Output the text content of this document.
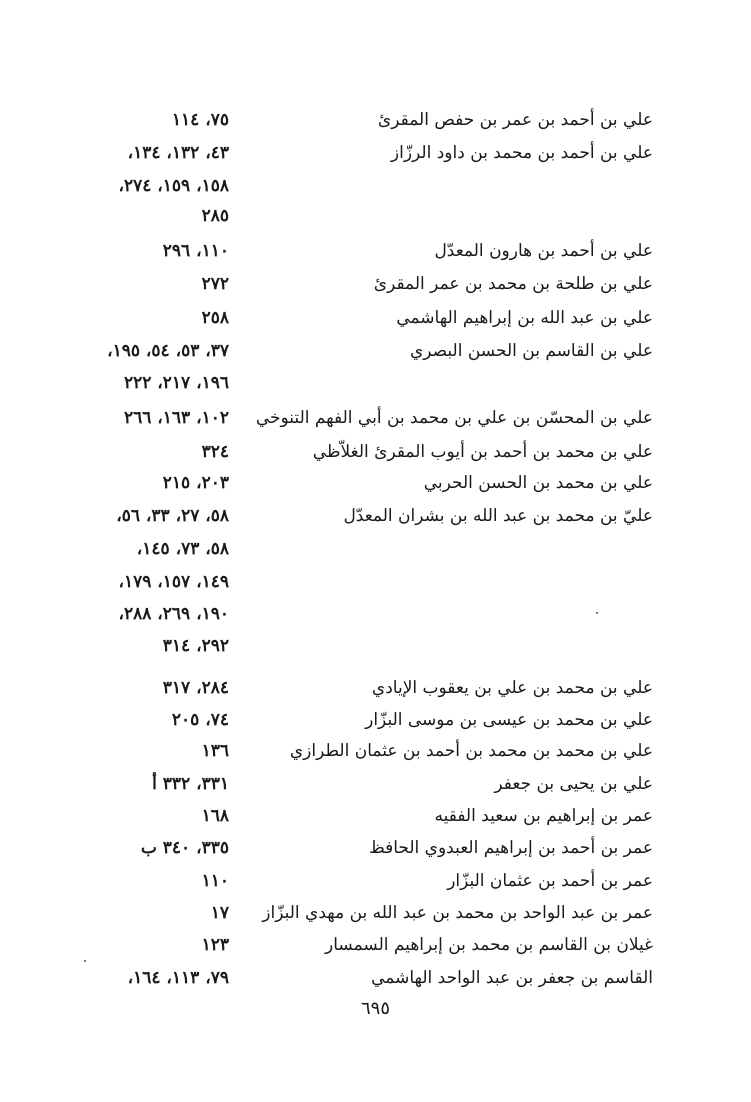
علي بن أحمد بن عمر بن حفص المقرئ
٧٥، ١١٤
علي بن أحمد بن محمد بن داود الرزّاز
٤٣، ١٣٢، ١٣٤،
١٥٨، ١٥٩، ٢٧٤،
٢٨٥
علي بن أحمد بن هارون المعدّل
١١٠، ٢٩٦
علي بن طلحة بن محمد بن عمر المقرئ
٢٧٢
علي بن عبد الله بن إبراهيم الهاشمي
٢٥٨
علي بن القاسم بن الحسن البصري
٣٧، ٥٣، ٥٤، ١٩٥،
١٩٦، ٢١٧، ٢٢٢
علي بن المحسّن بن علي بن محمد بن أبي الفهم التنوخي
١٠٢، ١٦٣، ٢٦٦
علي بن محمد بن أحمد بن أيوب المقرئ الغلاّظي
٣٢٤
علي بن محمد بن الحسن الحربي
٢٠٣، ٢١٥
عليّ بن محمد بن عبد الله بن بشران المعدّل
٥٨، ٢٧، ٣٣، ٥٦،
٥٨، ٧٣، ١٤٥،
١٤٩، ١٥٧، ١٧٩،
١٩٠، ٢٦٩، ٢٨٨،
٢٩٢، ٣١٤
علي بن محمد بن علي بن يعقوب الإيادي
٢٨٤، ٣١٧
علي بن محمد بن عيسى بن موسى البزّار
٧٤، ٢٠٥
علي بن محمد بن محمد بن أحمد بن عثمان الطرازي
١٣٦
علي بن يحيى بن جعفر
٣٣١، ٣٣٢ أ
عمر بن إبراهيم بن سعيد الفقيه
١٦٨
عمر بن أحمد بن إبراهيم العبدوي الحافظ
٣٣٥، ٣٤٠ ب
عمر بن أحمد بن عثمان البزّار
١١٠
عمر بن عبد الواحد بن محمد بن عبد الله بن مهدي البزّاز
١٧
غيلان بن القاسم بن محمد بن إبراهيم السمسار
١٢٣
القاسم بن جعفر بن عبد الواحد الهاشمي
٧٩، ١١٣، ١٦٤،
٦٩٥
